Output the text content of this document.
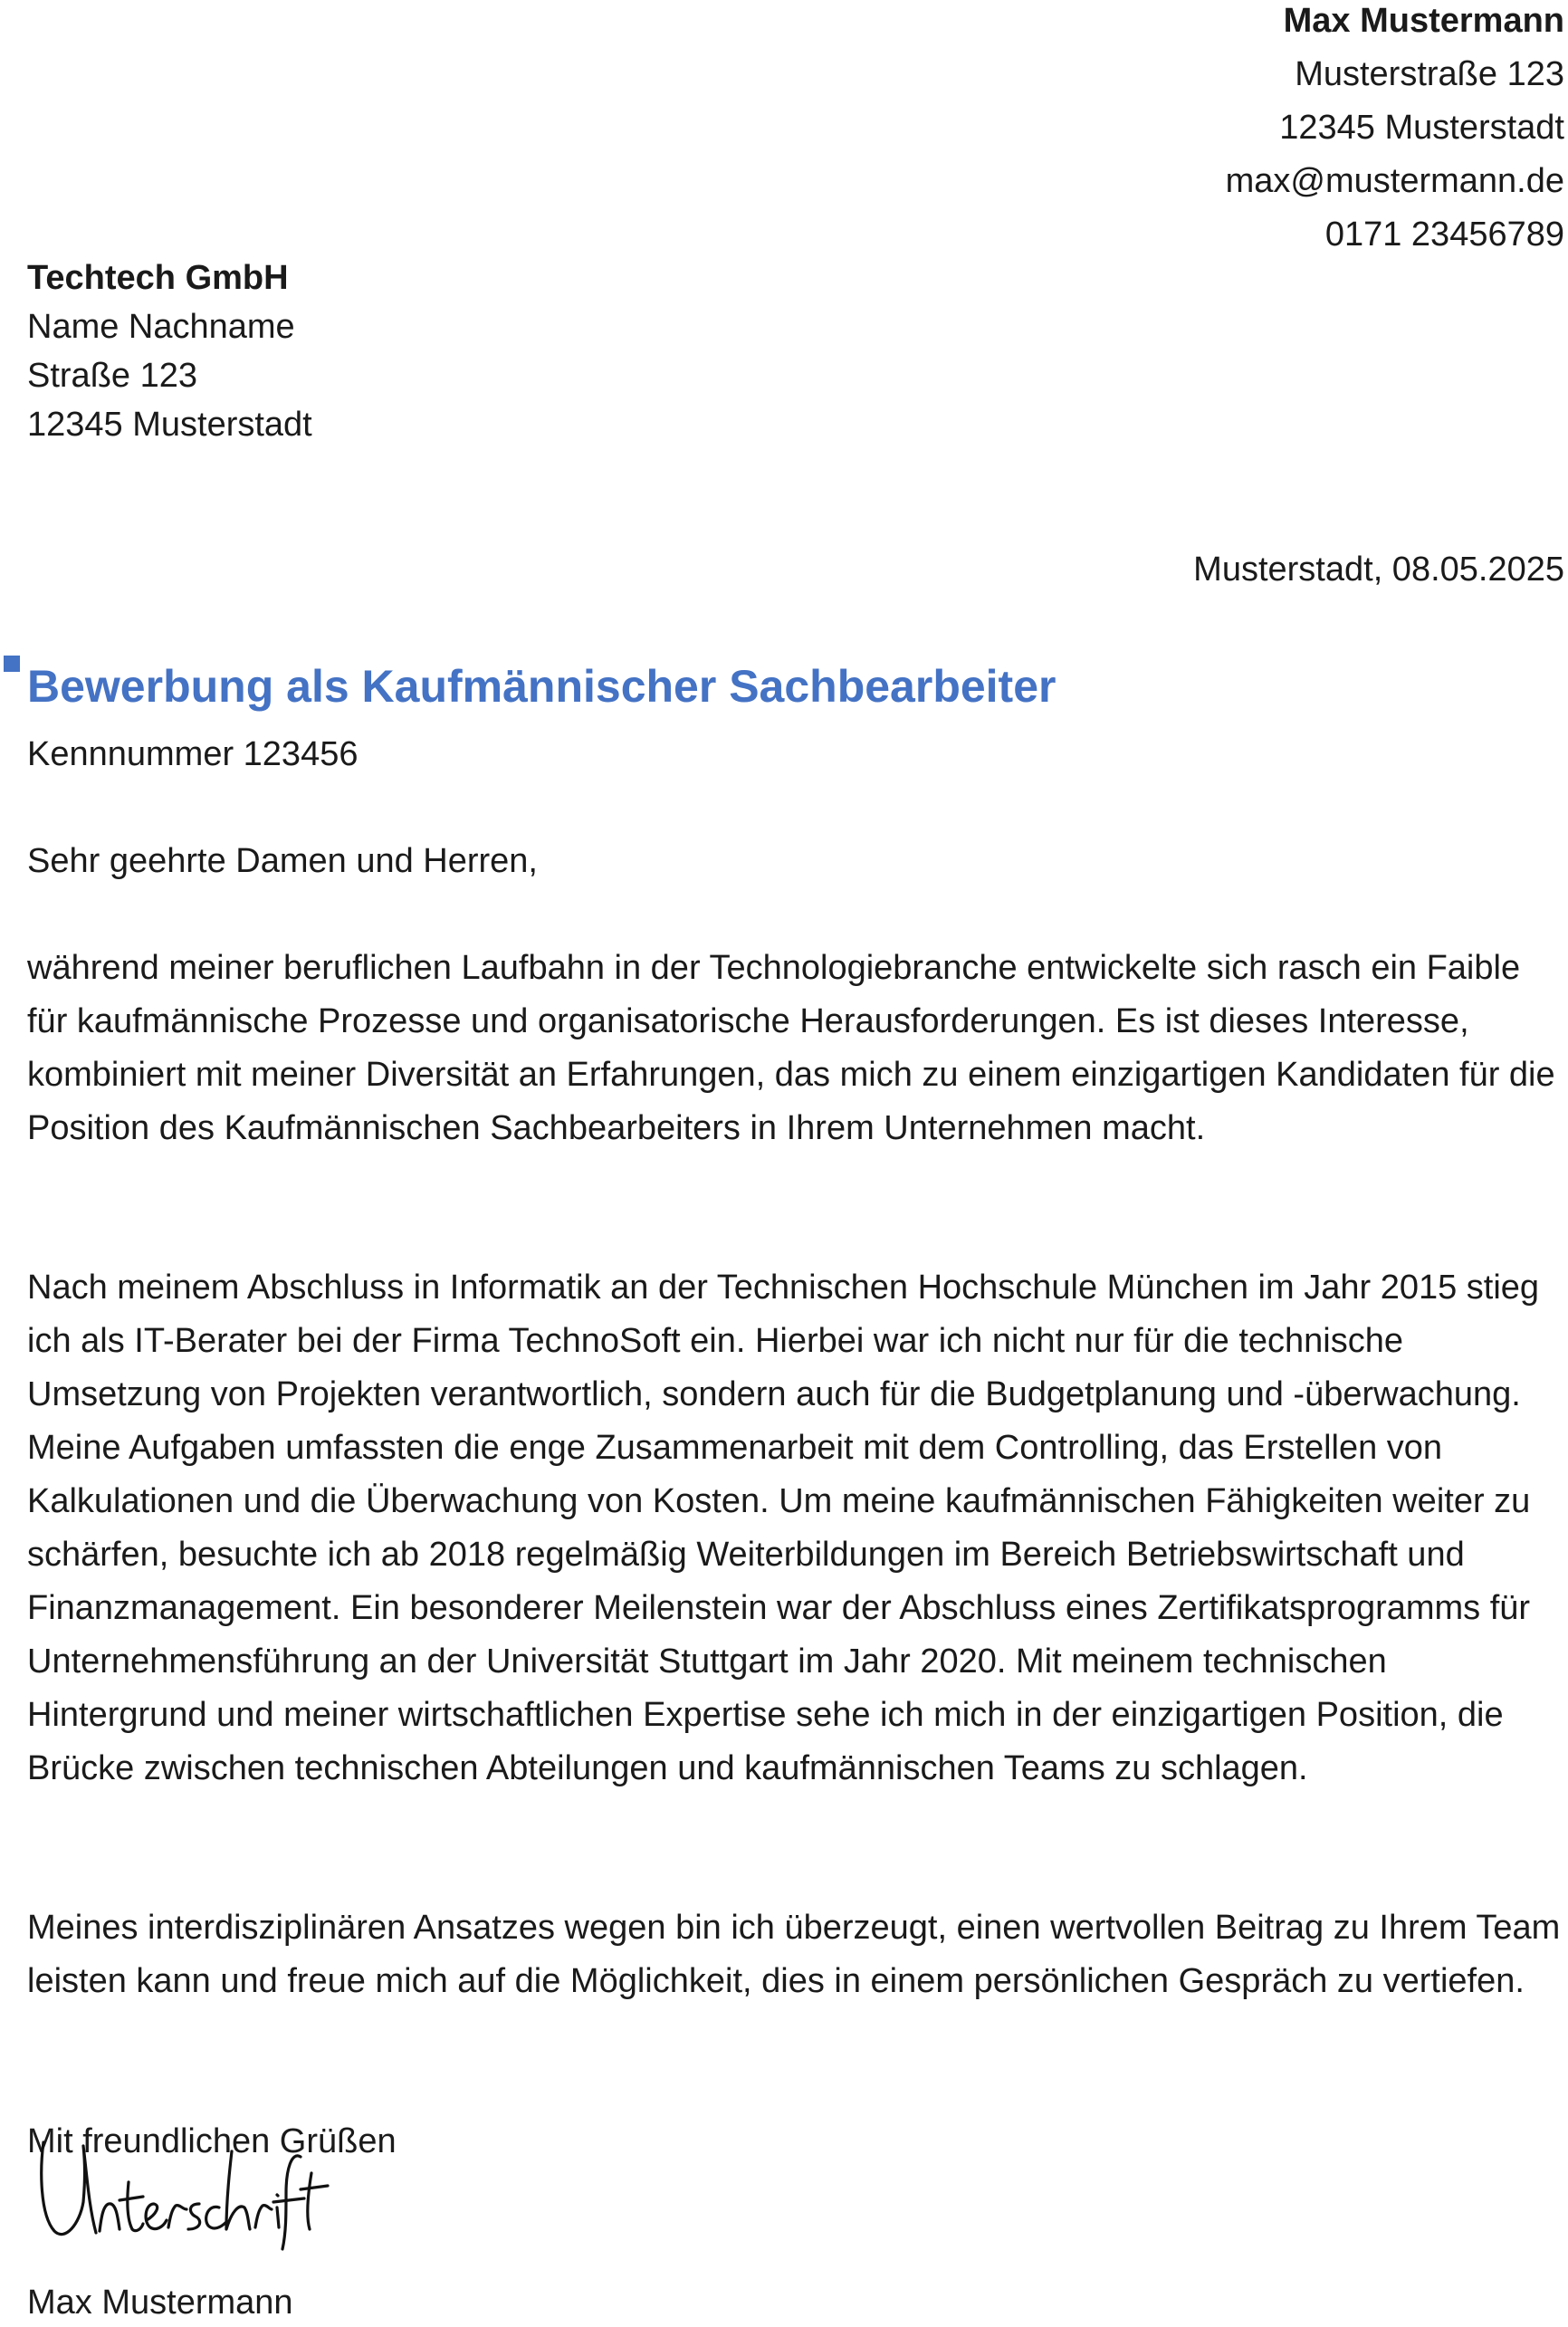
Max Mustermann
Musterstraße 123
12345 Musterstadt
max@mustermann.de
0171 23456789
Techtech GmbH
Name Nachname
Straße 123
12345 Musterstadt
Musterstadt, 08.05.2025
Bewerbung als Kaufmännischer Sachbearbeiter
Kennnummer 123456
Sehr geehrte Damen und Herren,
während meiner beruflichen Laufbahn in der Technologiebranche entwickelte sich rasch ein Faible für kaufmännische Prozesse und organisatorische Herausforderungen. Es ist dieses Interesse, kombiniert mit meiner Diversität an Erfahrungen, das mich zu einem einzigartigen Kandidaten für die Position des Kaufmännischen Sachbearbeiters in Ihrem Unternehmen macht.
Nach meinem Abschluss in Informatik an der Technischen Hochschule München im Jahr 2015 stieg ich als IT-Berater bei der Firma TechnoSoft ein. Hierbei war ich nicht nur für die technische Umsetzung von Projekten verantwortlich, sondern auch für die Budgetplanung und -überwachung. Meine Aufgaben umfassten die enge Zusammenarbeit mit dem Controlling, das Erstellen von Kalkulationen und die Überwachung von Kosten. Um meine kaufmännischen Fähigkeiten weiter zu schärfen, besuchte ich ab 2018 regelmäßig Weiterbildungen im Bereich Betriebswirtschaft und Finanzmanagement. Ein besonderer Meilenstein war der Abschluss eines Zertifikatsprogramms für Unternehmensführung an der Universität Stuttgart im Jahr 2020. Mit meinem technischen Hintergrund und meiner wirtschaftlichen Expertise sehe ich mich in der einzigartigen Position, die Brücke zwischen technischen Abteilungen und kaufmännischen Teams zu schlagen.
Meines interdisziplinären Ansatzes wegen bin ich überzeugt, einen wertvollen Beitrag zu Ihrem Team leisten kann und freue mich auf die Möglichkeit, dies in einem persönlichen Gespräch zu vertiefen.
Mit freundlichen Grüßen
Max Mustermann
